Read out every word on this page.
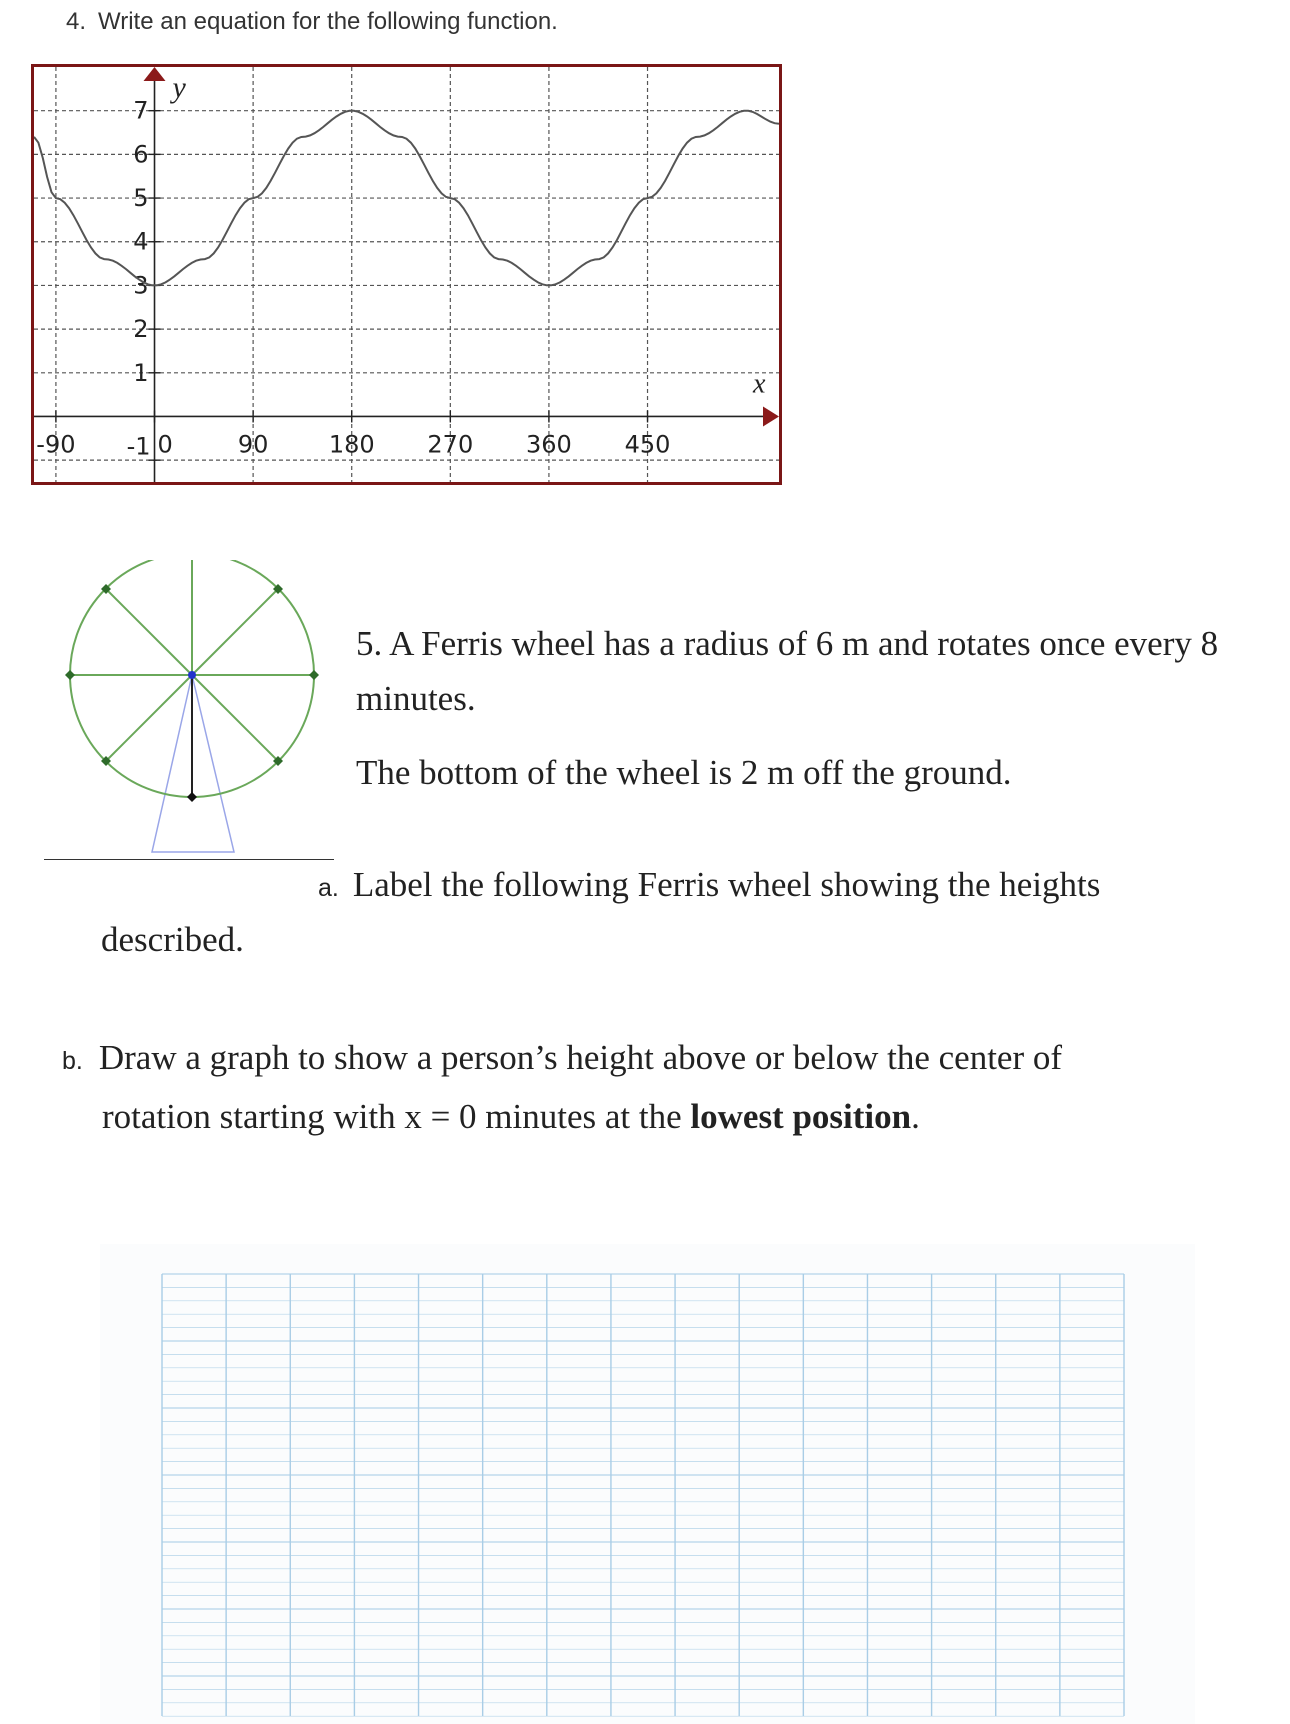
4. Write an equation for the following function.
1
2
3
4
5
6
7
-1
-90	0	90	180 270 360 450
x
y
5. A Ferris wheel has a radius of 6 m and rotates once every 8 minutes.
The bottom of the wheel is 2 m off the ground.
a. Label the following Ferris wheel showing the heights
described.
b. Draw a graph to show a person’s height above or below the center of
rotation starting with x = 0 minutes at the lowest position.
